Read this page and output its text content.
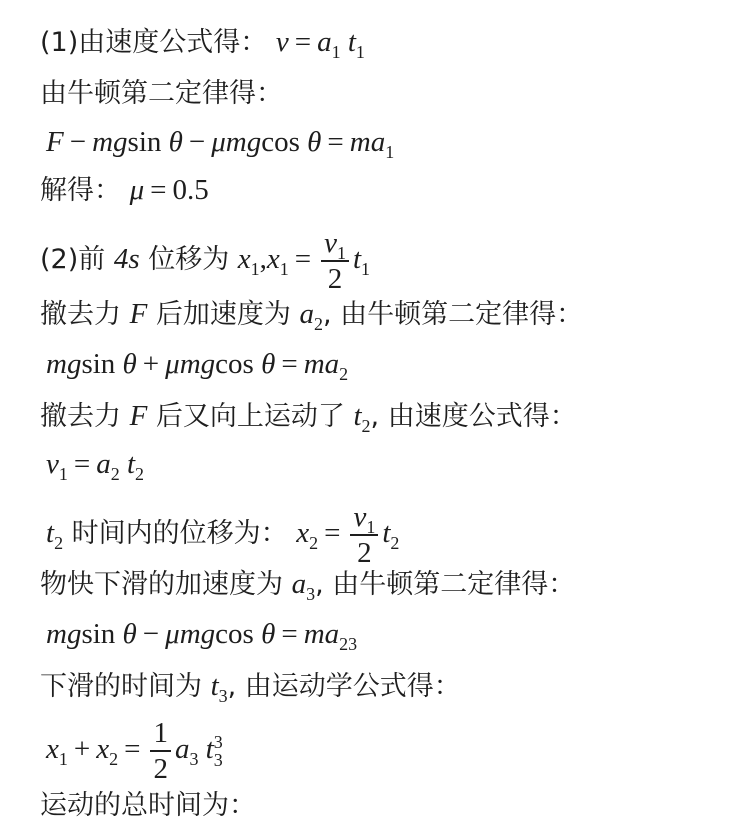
(1)由速度公式得： $v = a_1$ $t_1$
由牛顿第二定律得：
F − mgsin θ − μmgcos $\theta = ma_1$
解得： μ = 0.5
(2)前 4s 位移为 $x_1,x_1 = \frac{v_1}{2} t_1$
撤去力 F 后加速度为 $a_2$, 由牛顿第二定律得：
mgsin θ + μmgcos $\theta = ma_2$
撤去力 F 后又向上运动了 $t_2$, 由速度公式得：
$v_1 = a_2$ $t_2$
$t_2$ 时间内的位移为： $x_2 = \frac{v_1}{2} t_2$
物快下滑的加速度为 $a_3$, 由牛顿第二定律得：
mgsin θ − μmgcos $\theta = ma_{23}$
下滑的时间为 $t_3$, 由运动学公式得：
$x_1 + x_2 = \frac{1}{2} a_3$ t 3
3
运动的总时间为：
